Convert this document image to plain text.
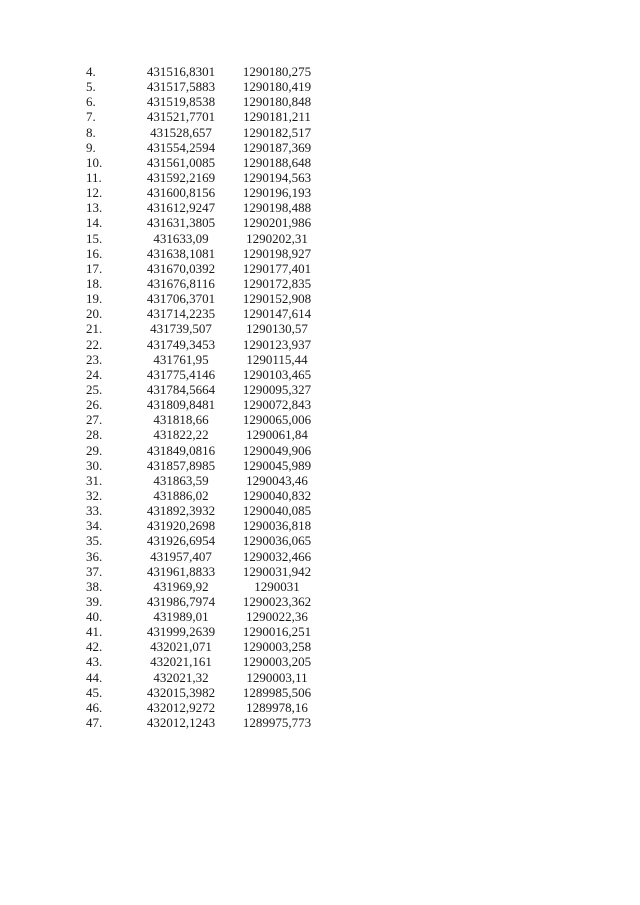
4.	431516,8301	1290180,275
5.	431517,5883	1290180,419
6.	431519,8538	1290180,848
7.	431521,7701	1290181,211
8.	431528,657	1290182,517
9.	431554,2594	1290187,369
10.	431561,0085	1290188,648
11.	431592,2169	1290194,563
12.	431600,8156	1290196,193
13.	431612,9247	1290198,488
14.	431631,3805	1290201,986
15.	431633,09	1290202,31
16.	431638,1081	1290198,927
17.	431670,0392	1290177,401
18.	431676,8116	1290172,835
19.	431706,3701	1290152,908
20.	431714,2235	1290147,614
21.	431739,507	1290130,57
22.	431749,3453	1290123,937
23.	431761,95	1290115,44
24.	431775,4146	1290103,465
25.	431784,5664	1290095,327
26.	431809,8481	1290072,843
27.	431818,66	1290065,006
28.	431822,22	1290061,84
29.	431849,0816	1290049,906
30.	431857,8985	1290045,989
31.	431863,59	1290043,46
32.	431886,02	1290040,832
33.	431892,3932	1290040,085
34.	431920,2698	1290036,818
35.	431926,6954	1290036,065
36.	431957,407	1290032,466
37.	431961,8833	1290031,942
38.	431969,92	1290031
39.	431986,7974	1290023,362
40.	431989,01	1290022,36
41.	431999,2639	1290016,251
42.	432021,071	1290003,258
43.	432021,161	1290003,205
44.	432021,32	1290003,11
45.	432015,3982	1289985,506
46.	432012,9272	1289978,16
47.	432012,1243	1289975,773
